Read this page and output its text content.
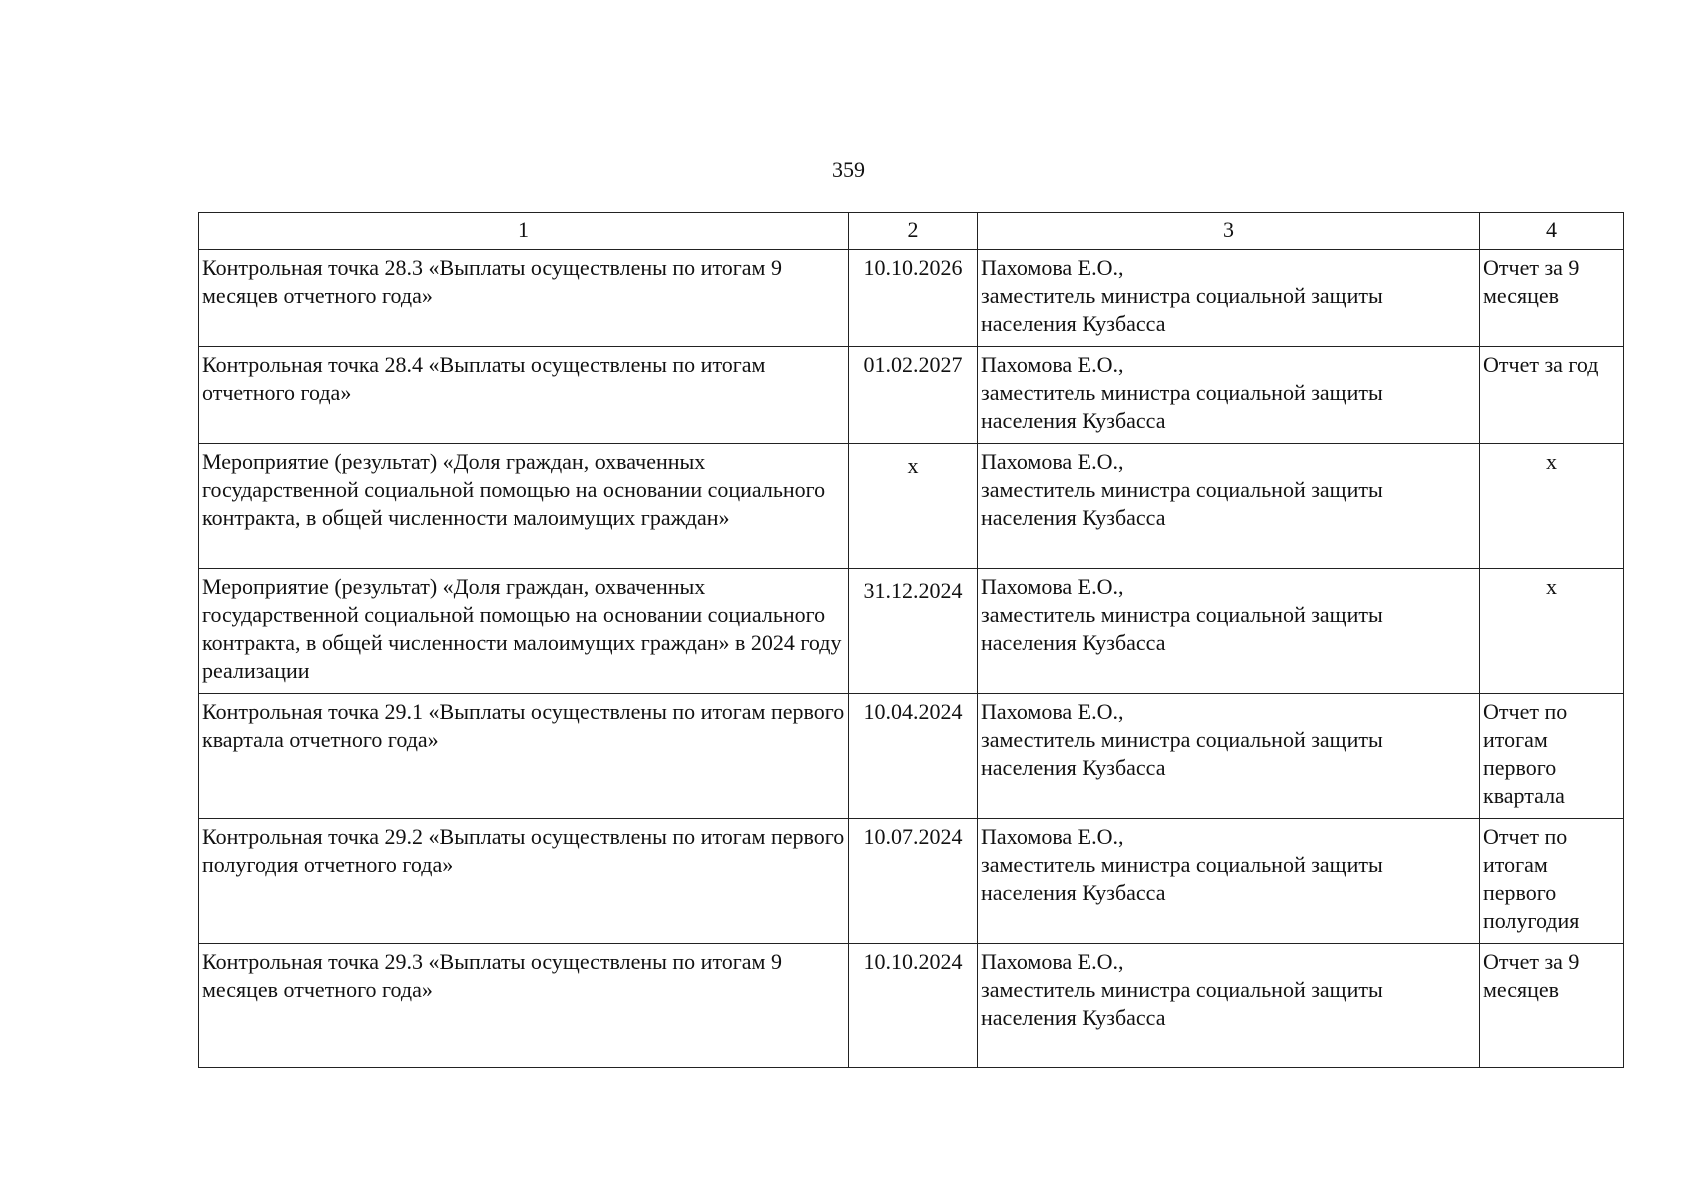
359
1	2	3	4
Контрольная точка 28.3 «Выплаты осуществлены по итогам 9 месяцев отчетного года»	10.10.2026	Пахомова Е.О.,
заместитель министра социальной защиты
населения Кузбасса	Отчет за 9 месяцев
Контрольная точка 28.4 «Выплаты осуществлены по итогам отчетного года»	01.02.2027	Пахомова Е.О.,
заместитель министра социальной защиты
населения Кузбасса	Отчет за год
Мероприятие (результат) «Доля граждан, охваченных государственной социальной помощью на основании социального контракта, в общей численности малоимущих граждан»	x	Пахомова Е.О.,
заместитель министра социальной защиты
населения Кузбасса	x
Мероприятие (результат) «Доля граждан, охваченных государственной социальной помощью на основании социального контракта, в общей численности малоимущих граждан» в 2024 году реализации	31.12.2024	Пахомова Е.О.,
заместитель министра социальной защиты
населения Кузбасса	x
Контрольная точка 29.1 «Выплаты осуществлены по итогам первого квартала отчетного года»	10.04.2024	Пахомова Е.О.,
заместитель министра социальной защиты
населения Кузбасса	Отчет по итогам первого квартала
Контрольная точка 29.2 «Выплаты осуществлены по итогам первого полугодия отчетного года»	10.07.2024	Пахомова Е.О.,
заместитель министра социальной защиты
населения Кузбасса	Отчет по итогам первого полугодия
Контрольная точка 29.3 «Выплаты осуществлены по итогам 9 месяцев отчетного года»	10.10.2024	Пахомова Е.О.,
заместитель министра социальной защиты
населения Кузбасса	Отчет за 9 месяцев
